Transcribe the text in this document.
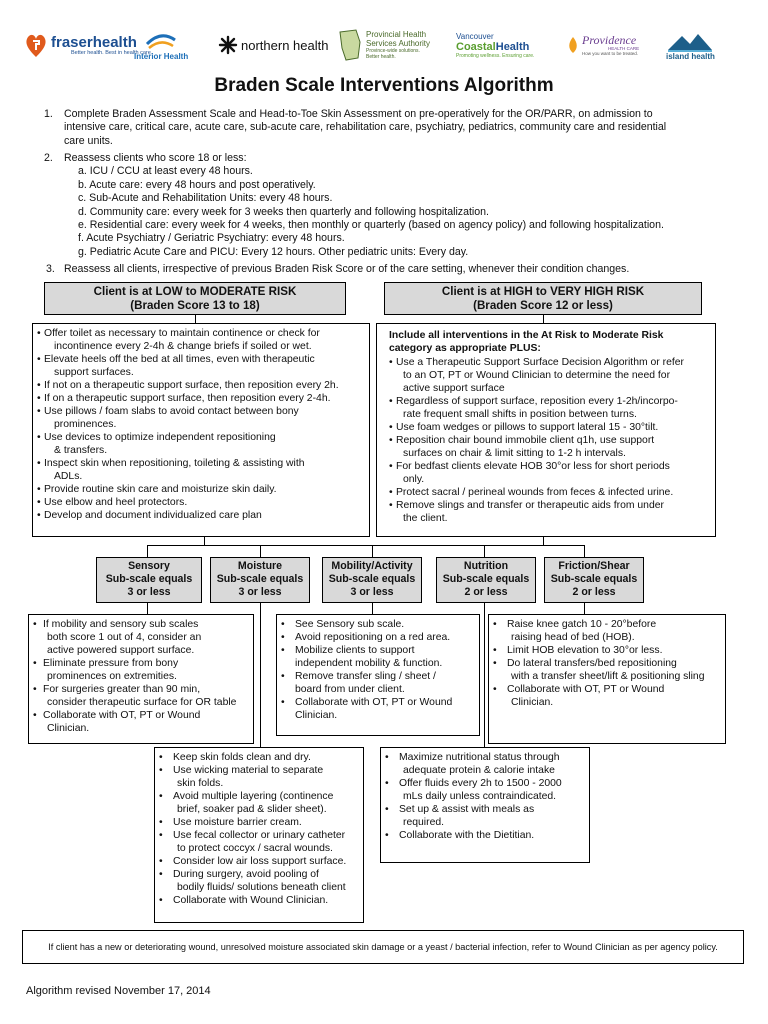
fraserhealth
Better health. Best in health care.
Interior Health
northern health
Provincial Health
Services Authority
Province-wide solutions.
Better health.
Vancouver
CoastalHealth
Promoting wellness. Ensuring care.
Providence
HEALTH CARE
How you want to be treated.	island health
Braden Scale Interventions Algorithm
1. Complete Braden Assessment Scale and Head-to-Toe Skin Assessment on pre-operatively for the OR/PARR, on admission to
intensive care, critical care, acute care, sub-acute care, rehabilitation care, psychiatry, pediatrics, community care and residential
care units.
2. Reassess clients who score 18 or less:
a. ICU / CCU at least every 48 hours.
b. Acute care: every 48 hours and post operatively.
c. Sub-Acute and Rehabilitation Units: every 48 hours.
d. Community care: every week for 3 weeks then quarterly and following hospitalization.
e. Residential care: every week for 4 weeks, then monthly or quarterly (based on agency policy) and following hospitalization.
f. Acute Psychiatry / Geriatric Psychiatry: every 48 hours.
g. Pediatric Acute Care and PICU: Every 12 hours. Other pediatric units: Every day.
3. Reassess all clients, irrespective of previous Braden Risk Score or of the care setting, whenever their condition changes.
Client is at LOW to MODERATE RISK
(Braden Score 13 to 18)
Client is at HIGH to VERY HIGH RISK
(Braden Score 12 or less)
• Offer toilet as necessary to maintain continence or check for
incontinence every 2-4h & change briefs if soiled or wet.
• Elevate heels off the bed at all times, even with therapeutic
support surfaces.
• If not on a therapeutic support surface, then reposition every 2h.
• If on a therapeutic support surface, then reposition every 2-4h.
• Use pillows / foam slabs to avoid contact between bony
prominences.
• Use devices to optimize independent repositioning
& transfers.
• Inspect skin when repositioning, toileting & assisting with
ADLs.
• Provide routine skin care and moisturize skin daily.
• Use elbow and heel protectors.
• Develop and document individualized care plan
Include all interventions in the At Risk to Moderate Risk
category as appropriate PLUS:
• Use a Therapeutic Support Surface Decision Algorithm or refer
to an OT, PT or Wound Clinician to determine the need for
active support surface
• Regardless of support surface, reposition every 1-2h/incorpo-
rate frequent small shifts in position between turns.
• Use foam wedges or pillows to support lateral 15 - 30°tilt.
• Reposition chair bound immobile client q1h, use support
surfaces on chair & limit sitting to 1-2 h intervals.
• For bedfast clients elevate HOB 30°or less for short periods
only.
• Protect sacral / perineal wounds from feces & infected urine.
• Remove slings and transfer or therapeutic aids from under
the client.
Sensory
Sub-scale equals
3 or less
Moisture
Sub-scale equals
3 or less
Mobility/Activity
Sub-scale equals
3 or less
Nutrition
Sub-scale equals
2 or less
Friction/Shear
Sub-scale equals
2 or less
• If mobility and sensory sub scales
both score 1 out of 4, consider an
active powered support surface.
• Eliminate pressure from bony
prominences on extremities.
• For surgeries greater than 90 min,
consider therapeutic surface for OR table
• Collaborate with OT, PT or Wound
Clinician.
• See Sensory sub scale.
• Avoid repositioning on a red area.
• Mobilize clients to support
independent mobility & function.
• Remove transfer sling / sheet /
board from under client.
• Collaborate with OT, PT or Wound
Clinician.
• Raise knee gatch 10 - 20°before
raising head of bed (HOB).
• Limit HOB elevation to 30°or less.
• Do lateral transfers/bed repositioning
with a transfer sheet/lift & positioning sling
• Collaborate with OT, PT or Wound
Clinician.
• Keep skin folds clean and dry.
• Use wicking material to separate
skin folds.
• Avoid multiple layering (continence
brief, soaker pad & slider sheet).
• Use moisture barrier cream.
• Use fecal collector or urinary catheter
to protect coccyx / sacral wounds.
• Consider low air loss support surface.
• During surgery, avoid pooling of
bodily fluids/ solutions beneath client
• Collaborate with Wound Clinician.
• Maximize nutritional status through
adequate protein & calorie intake
• Offer fluids every 2h to 1500 - 2000
mLs daily unless contraindicated.
• Set up & assist with meals as
required.
• Collaborate with the Dietitian.
If client has a new or deteriorating wound, unresolved moisture associated skin damage or a yeast / bacterial infection, refer to Wound Clinician as per agency policy.
Algorithm revised November 17, 2014
